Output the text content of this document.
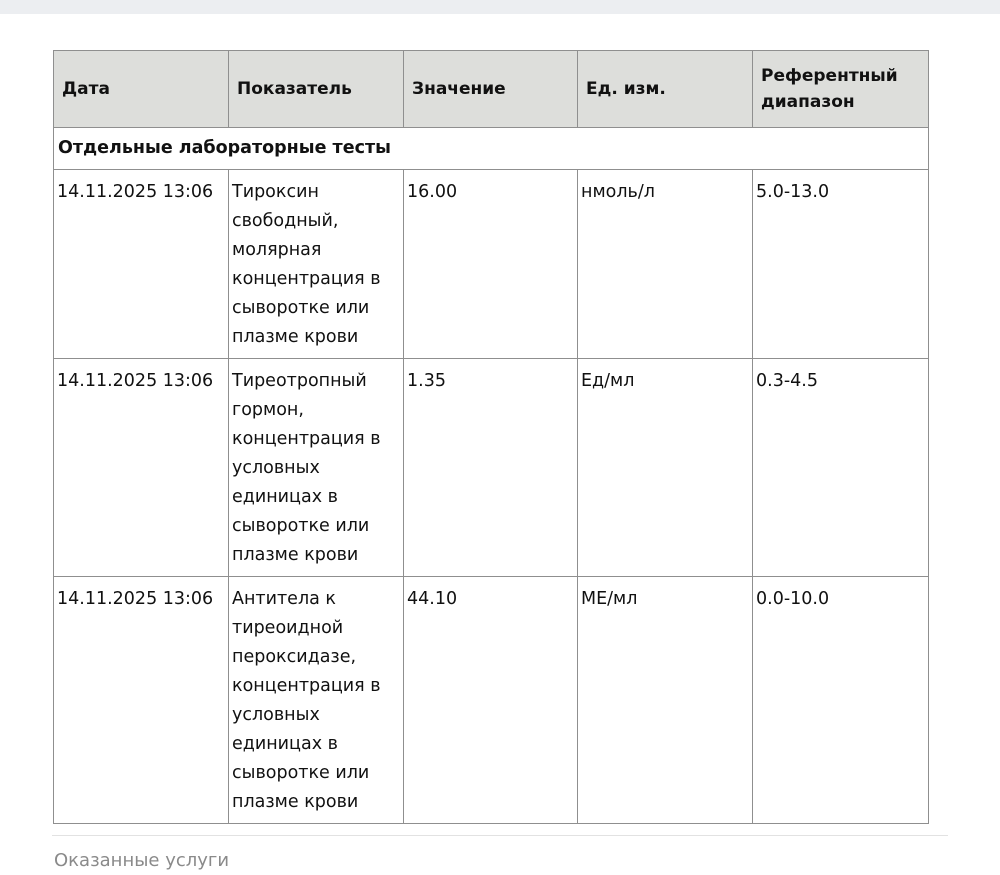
Дата	Показатель	Значение	Ед. изм.	Референтный диапазон
Отдельные лабораторные тесты				
14.11.2025 13:06	Тироксин свободный, молярная концентрация в сыворотке или плазме крови	16.00	нмоль/л	5.0-13.0
14.11.2025 13:06	Тиреотропный гормон, концентрация в условных единицах в сыворотке или плазме крови	1.35	Ед/мл	0.3-4.5
14.11.2025 13:06	Антитела к тиреоидной пероксидазе, концентрация в условных единицах в сыворотке или плазме крови	44.10	МЕ/мл	0.0-10.0
Оказанные услуги
